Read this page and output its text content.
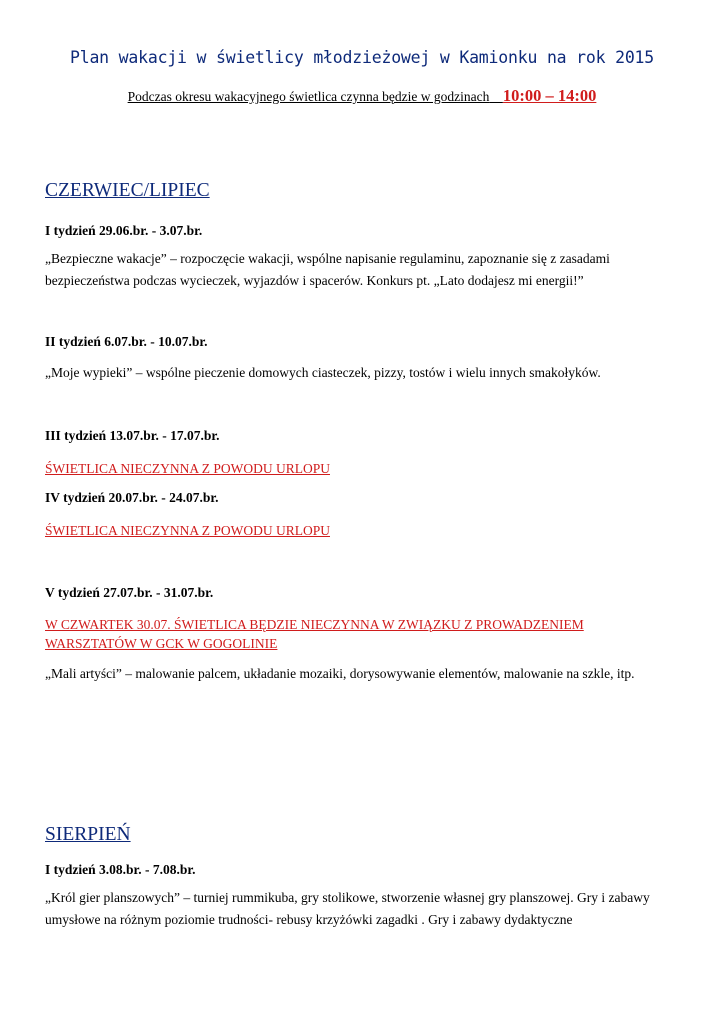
Plan wakacji w świetlicy młodzieżowej w Kamionku na rok 2015
Podczas okresu wakacyjnego świetlica czynna będzie w godzinach 10:00 – 14:00
CZERWIEC/LIPIEC
I tydzień 29.06.br. - 3.07.br.
„Bezpieczne wakacje” – rozpoczęcie wakacji, wspólne napisanie regulaminu, zapoznanie się z zasadami bezpieczeństwa podczas wycieczek, wyjazdów i spacerów. Konkurs pt. „Lato dodajesz mi energii!”
II tydzień 6.07.br. - 10.07.br.
„Moje wypieki” – wspólne pieczenie domowych ciasteczek, pizzy, tostów i wielu innych smakołyków.
III tydzień 13.07.br. - 17.07.br.
ŚWIETLICA NIECZYNNA Z POWODU URLOPU
IV tydzień 20.07.br. - 24.07.br.
ŚWIETLICA NIECZYNNA Z POWODU URLOPU
V tydzień 27.07.br. - 31.07.br.
W CZWARTEK 30.07. ŚWIETLICA BĘDZIE NIECZYNNA W ZWIĄZKU Z PROWADZENIEM WARSZTATÓW W GCK W GOGOLINIE
„Mali artyści” – malowanie palcem, układanie mozaiki, dorysowywanie elementów, malowanie na szkle, itp.
SIERPIEŃ
I tydzień 3.08.br. - 7.08.br.
„Król gier planszowych” – turniej rummikuba, gry stolikowe, stworzenie własnej gry planszowej. Gry i zabawy umysłowe na różnym poziomie trudności- rebusy krzyżówki zagadki . Gry i zabawy dydaktyczne
